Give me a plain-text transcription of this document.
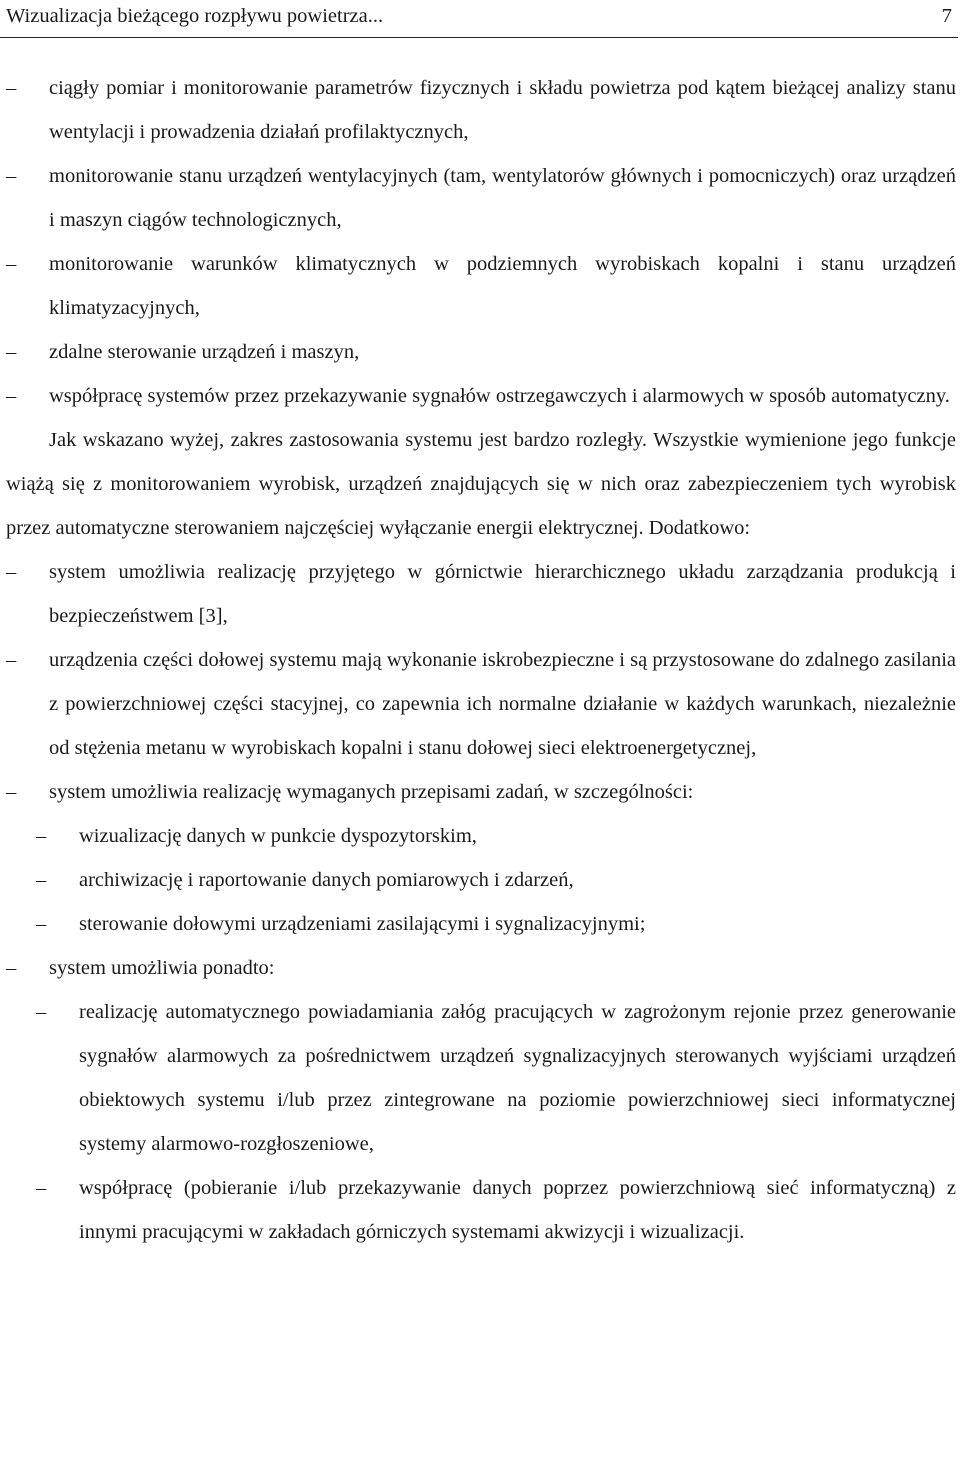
Wizualizacja bieżącego rozpływu powietrza...	7
– ciągły pomiar i monitorowanie parametrów fizycznych i składu powietrza pod kątem bieżącej analizy stanu wentylacji i prowadzenia działań profilaktycznych,
– monitorowanie stanu urządzeń wentylacyjnych (tam, wentylatorów głównych i pomocniczych) oraz urządzeń i maszyn ciągów technologicznych,
– monitorowanie warunków klimatycznych w podziemnych wyrobiskach kopalni i stanu urządzeń klimatyzacyjnych,
– zdalne sterowanie urządzeń i maszyn,
– współpracę systemów przez przekazywanie sygnałów ostrzegawczych i alarmowych w sposób automatyczny.
Jak wskazano wyżej, zakres zastosowania systemu jest bardzo rozległy. Wszystkie wymienione jego funkcje wiążą się z monitorowaniem wyrobisk, urządzeń znajdujących się w nich oraz zabezpieczeniem tych wyrobisk przez automatyczne sterowaniem najczęściej wyłączanie energii elektrycznej. Dodatkowo:
– system umożliwia realizację przyjętego w górnictwie hierarchicznego układu zarządzania produkcją i bezpieczeństwem [3],
– urządzenia części dołowej systemu mają wykonanie iskrobezpieczne i są przystosowane do zdalnego zasilania z powierzchniowej części stacyjnej, co zapewnia ich normalne działanie w każdych warunkach, niezależnie od stężenia metanu w wyrobiskach kopalni i stanu dołowej sieci elektroenergetycznej,
– system umożliwia realizację wymaganych przepisami zadań, w szczególności:
– wizualizację danych w punkcie dyspozytorskim,
– archiwizację i raportowanie danych pomiarowych i zdarzeń,
– sterowanie dołowymi urządzeniami zasilającymi i sygnalizacyjnymi;
– system umożliwia ponadto:
– realizację automatycznego powiadamiania załóg pracujących w zagrożonym rejonie przez generowanie sygnałów alarmowych za pośrednictwem urządzeń sygnalizacyjnych sterowanych wyjściami urządzeń obiektowych systemu i/lub przez zintegrowane na poziomie powierzchniowej sieci informatycznej systemy alarmowo-rozgłoszeniowe,
– współpracę (pobieranie i/lub przekazywanie danych poprzez powierzchniową sieć informatyczną) z innymi pracującymi w zakładach górniczych systemami akwizycji i wizualizacji.
